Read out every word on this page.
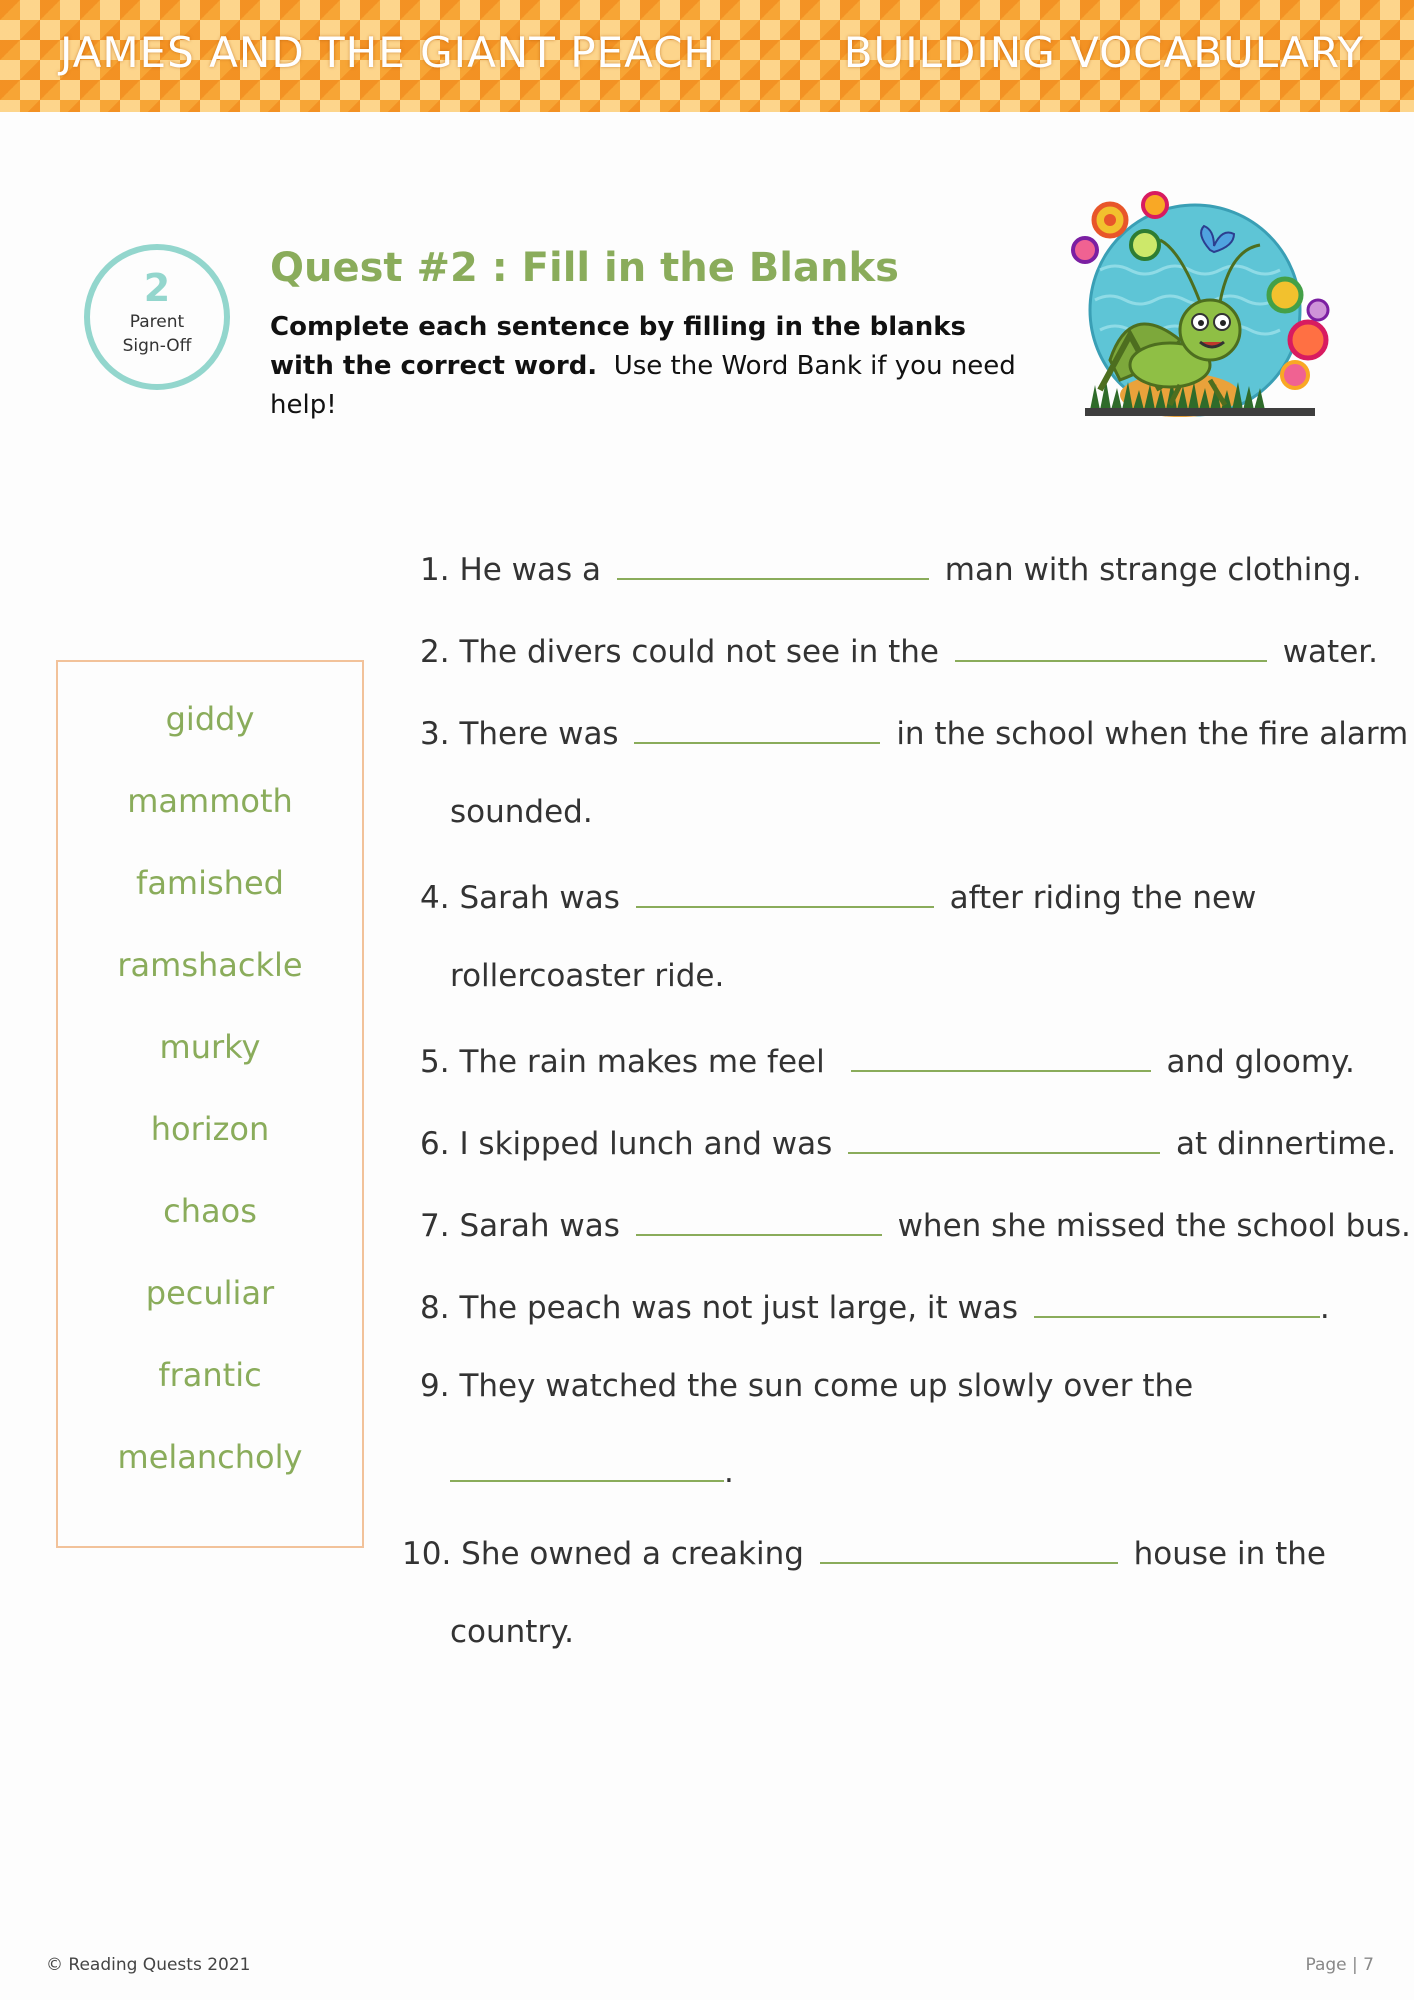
JAMES AND THE GIANT PEACH	BUILDING VOCABULARY
2
Parent
Sign-Off
Quest #2 : Fill in the Blanks
Complete each sentence by filling in the blanks with the correct word. Use the Word Bank if you need help!
giddy
mammoth
famished
ramshackle
murky
horizon
chaos
peculiar
frantic
melancholy
1. He was a	man with strange clothing.
2. The divers could not see in the	water.
3. There was	in the school when the fire alarm
sounded.
4. Sarah was	after riding the new
rollercoaster ride.
5. The rain makes me feel	and gloomy.
6. I skipped lunch and was	at dinnertime.
7. Sarah was	when she missed the school bus.
8. The peach was not just large, it was	.
9. They watched the sun come up slowly over the
.
10. She owned a creaking	house in the
country.
© Reading Quests 2021	Page | 7
